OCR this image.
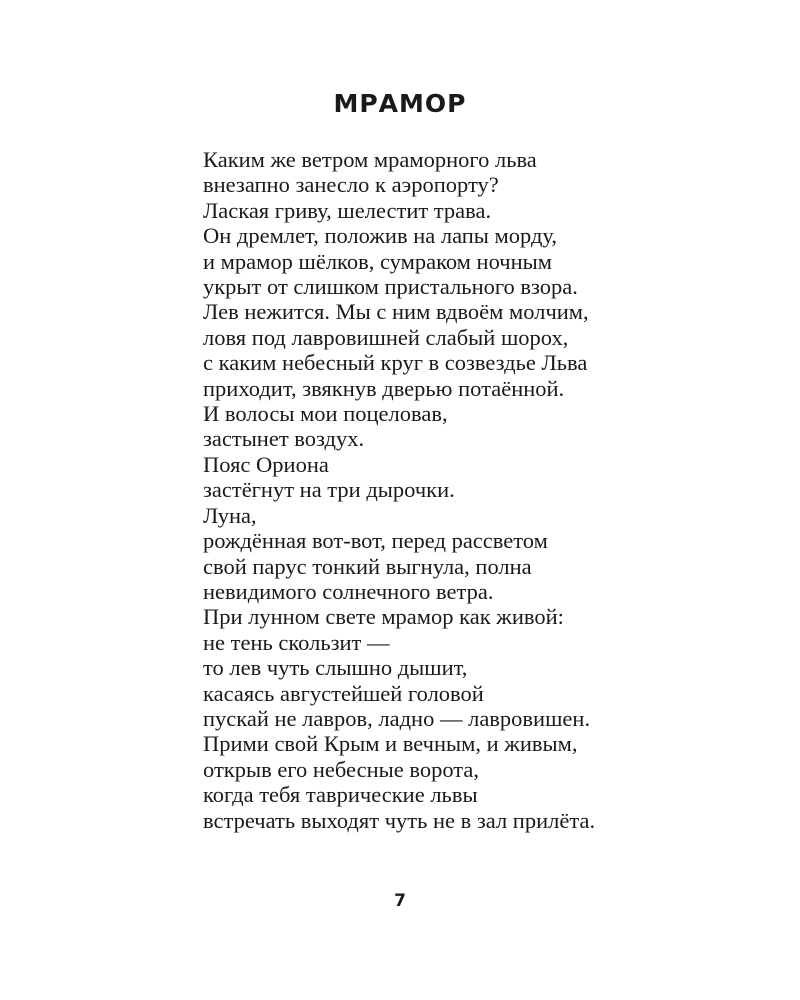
МРАМОР
Каким же ветром мраморного льва
внезапно занесло к аэропорту?
Лаская гриву, шелестит трава.
Он дремлет, положив на лапы морду,
и мрамор шёлков, сумраком ночным
укрыт от слишком пристального взора.
Лев нежится. Мы с ним вдвоём молчим,
ловя под лавровишней слабый шорох,
с каким небесный круг в созвездье Льва
приходит, звякнув дверью потаённой.
И волосы мои поцеловав,
застынет воздух.
Пояс Ориона
застёгнут на три дырочки.
Луна,
рождённая вот-вот, перед рассветом
свой парус тонкий выгнула, полна
невидимого солнечного ветра.
При лунном свете мрамор как живой:
не тень скользит —
то лев чуть слышно дышит,
касаясь августейшей головой
пускай не лавров, ладно — лавровишен.
Прими свой Крым и вечным, и живым,
открыв его небесные ворота,
когда тебя таврические львы
встречать выходят чуть не в зал прилёта.
7
